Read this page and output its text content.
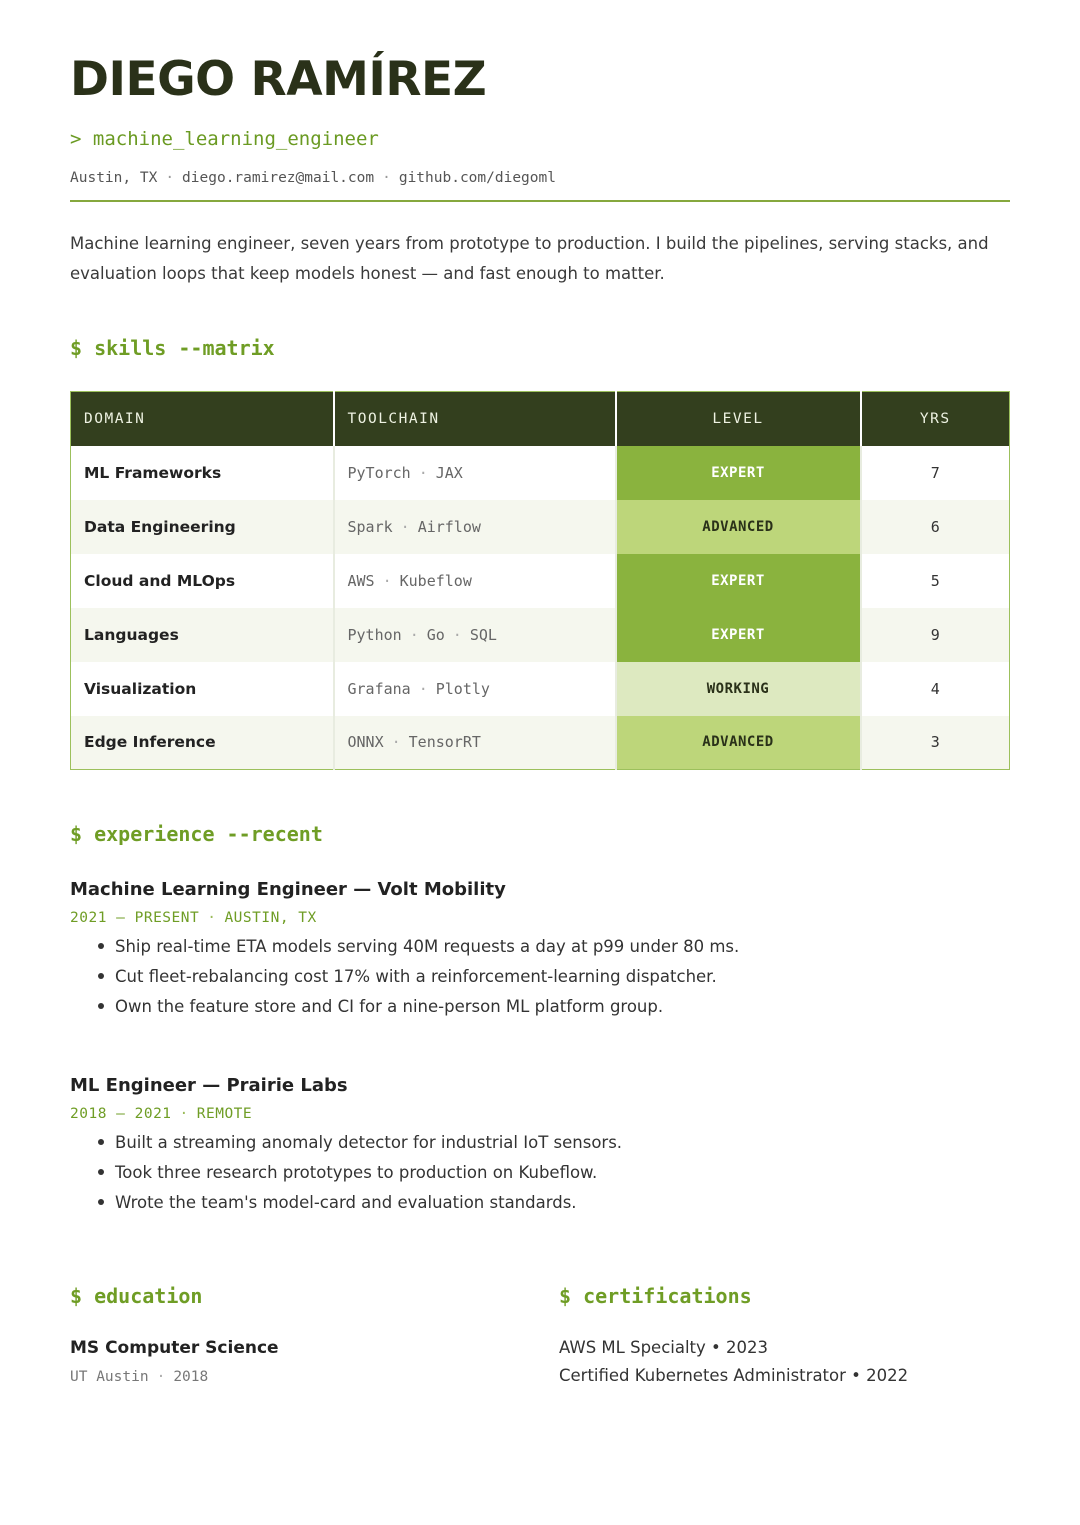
DIEGO RAMÍREZ
> machine_learning_engineer
Austin, TX · diego.ramirez@mail.com · github.com/diegoml

Machine learning engineer, seven years from prototype to production. I build the pipelines, serving stacks, and evaluation loops that keep models honest — and fast enough to matter.

$ skills --matrix
DOMAIN	TOOLCHAIN	LEVEL	YRS
ML Frameworks	PyTorch · JAX	EXPERT	7
Data Engineering	Spark · Airflow	ADVANCED	6
Cloud and MLOps	AWS · Kubeflow	EXPERT	5
Languages	Python · Go · SQL	EXPERT	9
Visualization	Grafana · Plotly	WORKING	4
Edge Inference	ONNX · TensorRT	ADVANCED	3
$ experience --recent
Machine Learning Engineer — Volt Mobility
2021 – PRESENT · AUSTIN, TX
Ship real-time ETA models serving 40M requests a day at p99 under 80 ms.
Cut fleet-rebalancing cost 17% with a reinforcement-learning dispatcher.
Own the feature store and CI for a nine-person ML platform group.
ML Engineer — Prairie Labs
2018 – 2021 · REMOTE
Built a streaming anomaly detector for industrial IoT sensors.
Took three research prototypes to production on Kubeflow.
Wrote the team's model-card and evaluation standards.
$ education
MS Computer Science
UT Austin · 2018
$ certifications
AWS ML Specialty • 2023
Certified Kubernetes Administrator • 2022
